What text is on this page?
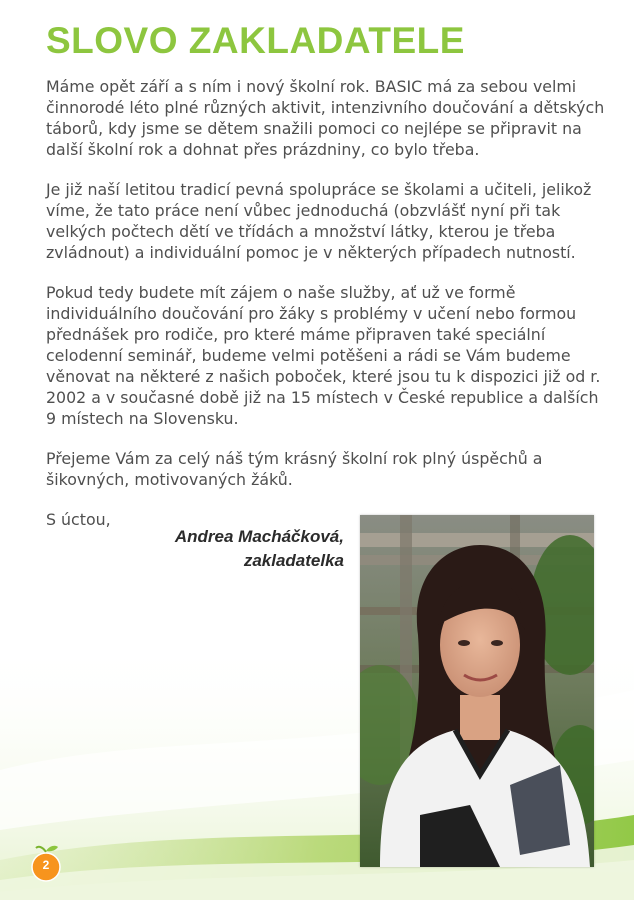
SLOVO ZAKLADATELE

Máme opět září a s ním i nový školní rok. BASIC má za sebou velmi činnorodé léto plné různých aktivit, intenzivního doučování a dětských táborů, kdy jsme se dětem snažili pomoci co nejlépe se připravit na další školní rok a dohnat přes prázdniny, co bylo třeba.

Je již naší letitou tradicí pevná spolupráce se školami a učiteli, jelikož víme, že tato práce není vůbec jednoduchá (obzvlášť nyní při tak velkých počtech dětí ve třídách a množství látky, kterou je třeba zvládnout) a individuální pomoc je v některých případech nutností.

Pokud tedy budete mít zájem o naše služby, ať už ve formě individuálního doučování pro žáky s problémy v učení nebo formou přednášek pro rodiče, pro které máme připraven také speciální celodenní seminář, budeme velmi potěšeni a rádi se Vám budeme věnovat na některé z našich poboček, které jsou tu k dispozici již od r. 2002 a v současné době již na 15 místech v České republice a dalších 9 místech na Slovensku.

Přejeme Vám za celý náš tým krásný školní rok plný úspěchů a šikovných, motivovaných žáků.

S úctou,

Andrea Macháčková,
zakladatelka
2
